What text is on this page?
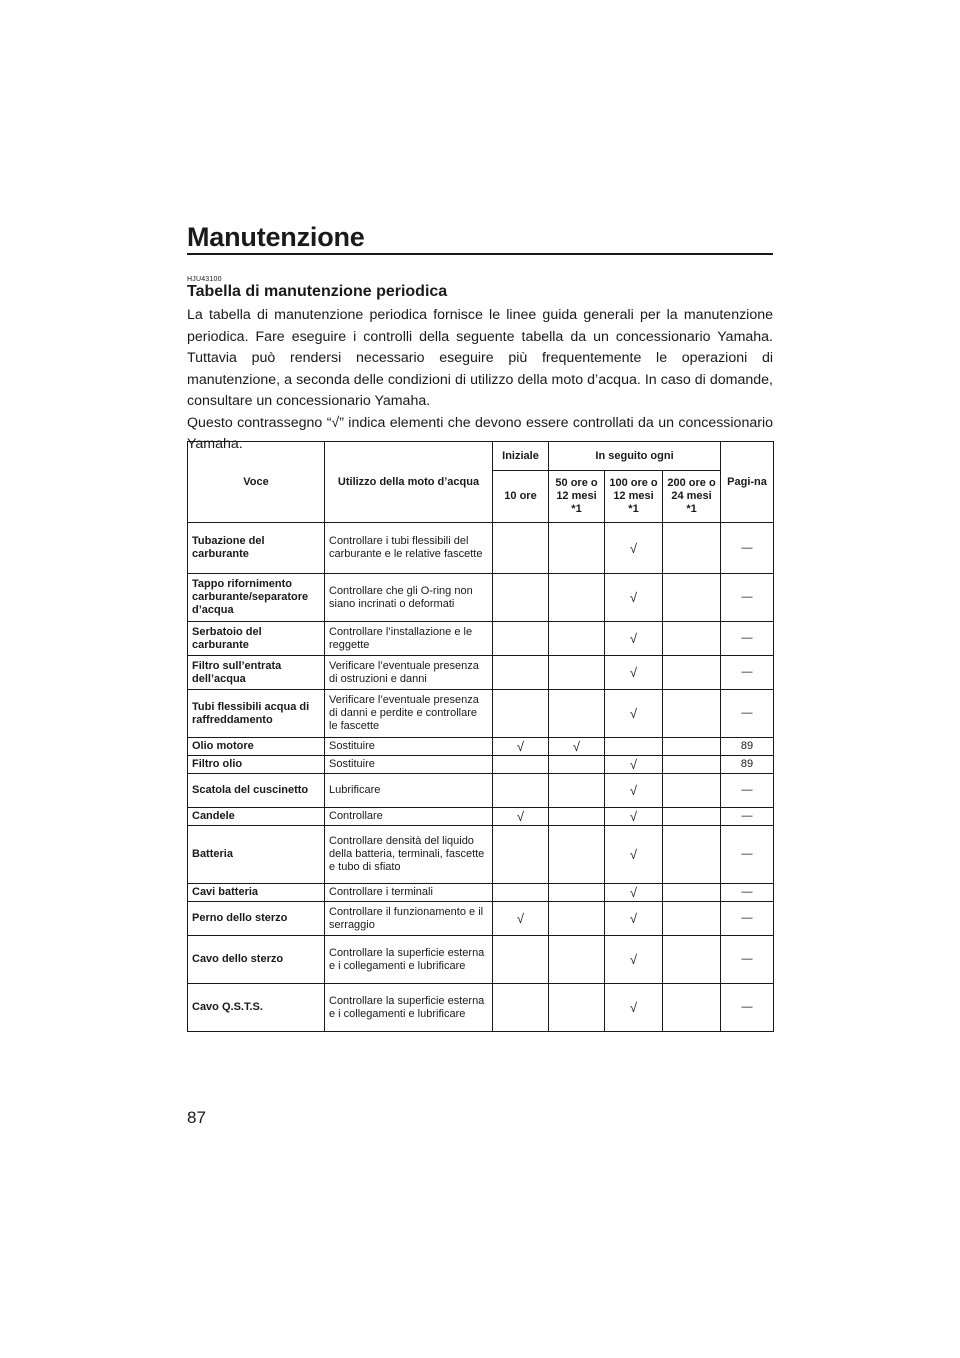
Manutenzione
HJU43100
Tabella di manutenzione periodica

La tabella di manutenzione periodica fornisce le linee guida generali per la manutenzione periodica. Fare eseguire i controlli della seguente tabella da un concessionario Yamaha. Tuttavia può rendersi necessario eseguire più frequentemente le operazioni di manutenzione, a seconda delle condizioni di utilizzo della moto d’acqua. In caso di domande, consultare un concessionario Yamaha.

Questo contrassegno “√” indica elementi che devono essere controllati da un concessionario Yamaha.

Voce	Utilizzo della moto d’acqua	Iniziale	In seguito ogni			Pagi-na
		10 ore	50 ore o 12 mesi *1	100 ore o 12 mesi *1	200 ore o 24 mesi *1	
Tubazione del carburante	Controllare i tubi flessibili del carburante e le relative fascette			√		—
Tappo rifornimento carburante/separatore d’acqua	Controllare che gli O-ring non siano incrinati o deformati			√		—
Serbatoio del carburante	Controllare l’installazione e le reggette			√		—
Filtro sull’entrata dell’acqua	Verificare l’eventuale presenza di ostruzioni e danni			√		—
Tubi flessibili acqua di raffreddamento	Verificare l’eventuale presenza di danni e perdite e controllare le fascette			√		—
Olio motore	Sostituire	√	√			89
Filtro olio	Sostituire			√		89
Scatola del cuscinetto	Lubrificare			√		—
Candele	Controllare	√		√		—
Batteria	Controllare densità del liquido della batteria, terminali, fascette e tubo di sfiato			√		—
Cavi batteria	Controllare i terminali			√		—
Perno dello sterzo	Controllare il funzionamento e il serraggio	√		√		—
Cavo dello sterzo	Controllare la superficie esterna e i collegamenti e lubrificare			√		—
Cavo Q.S.T.S.	Controllare la superficie esterna e i collegamenti e lubrificare			√		—
87
